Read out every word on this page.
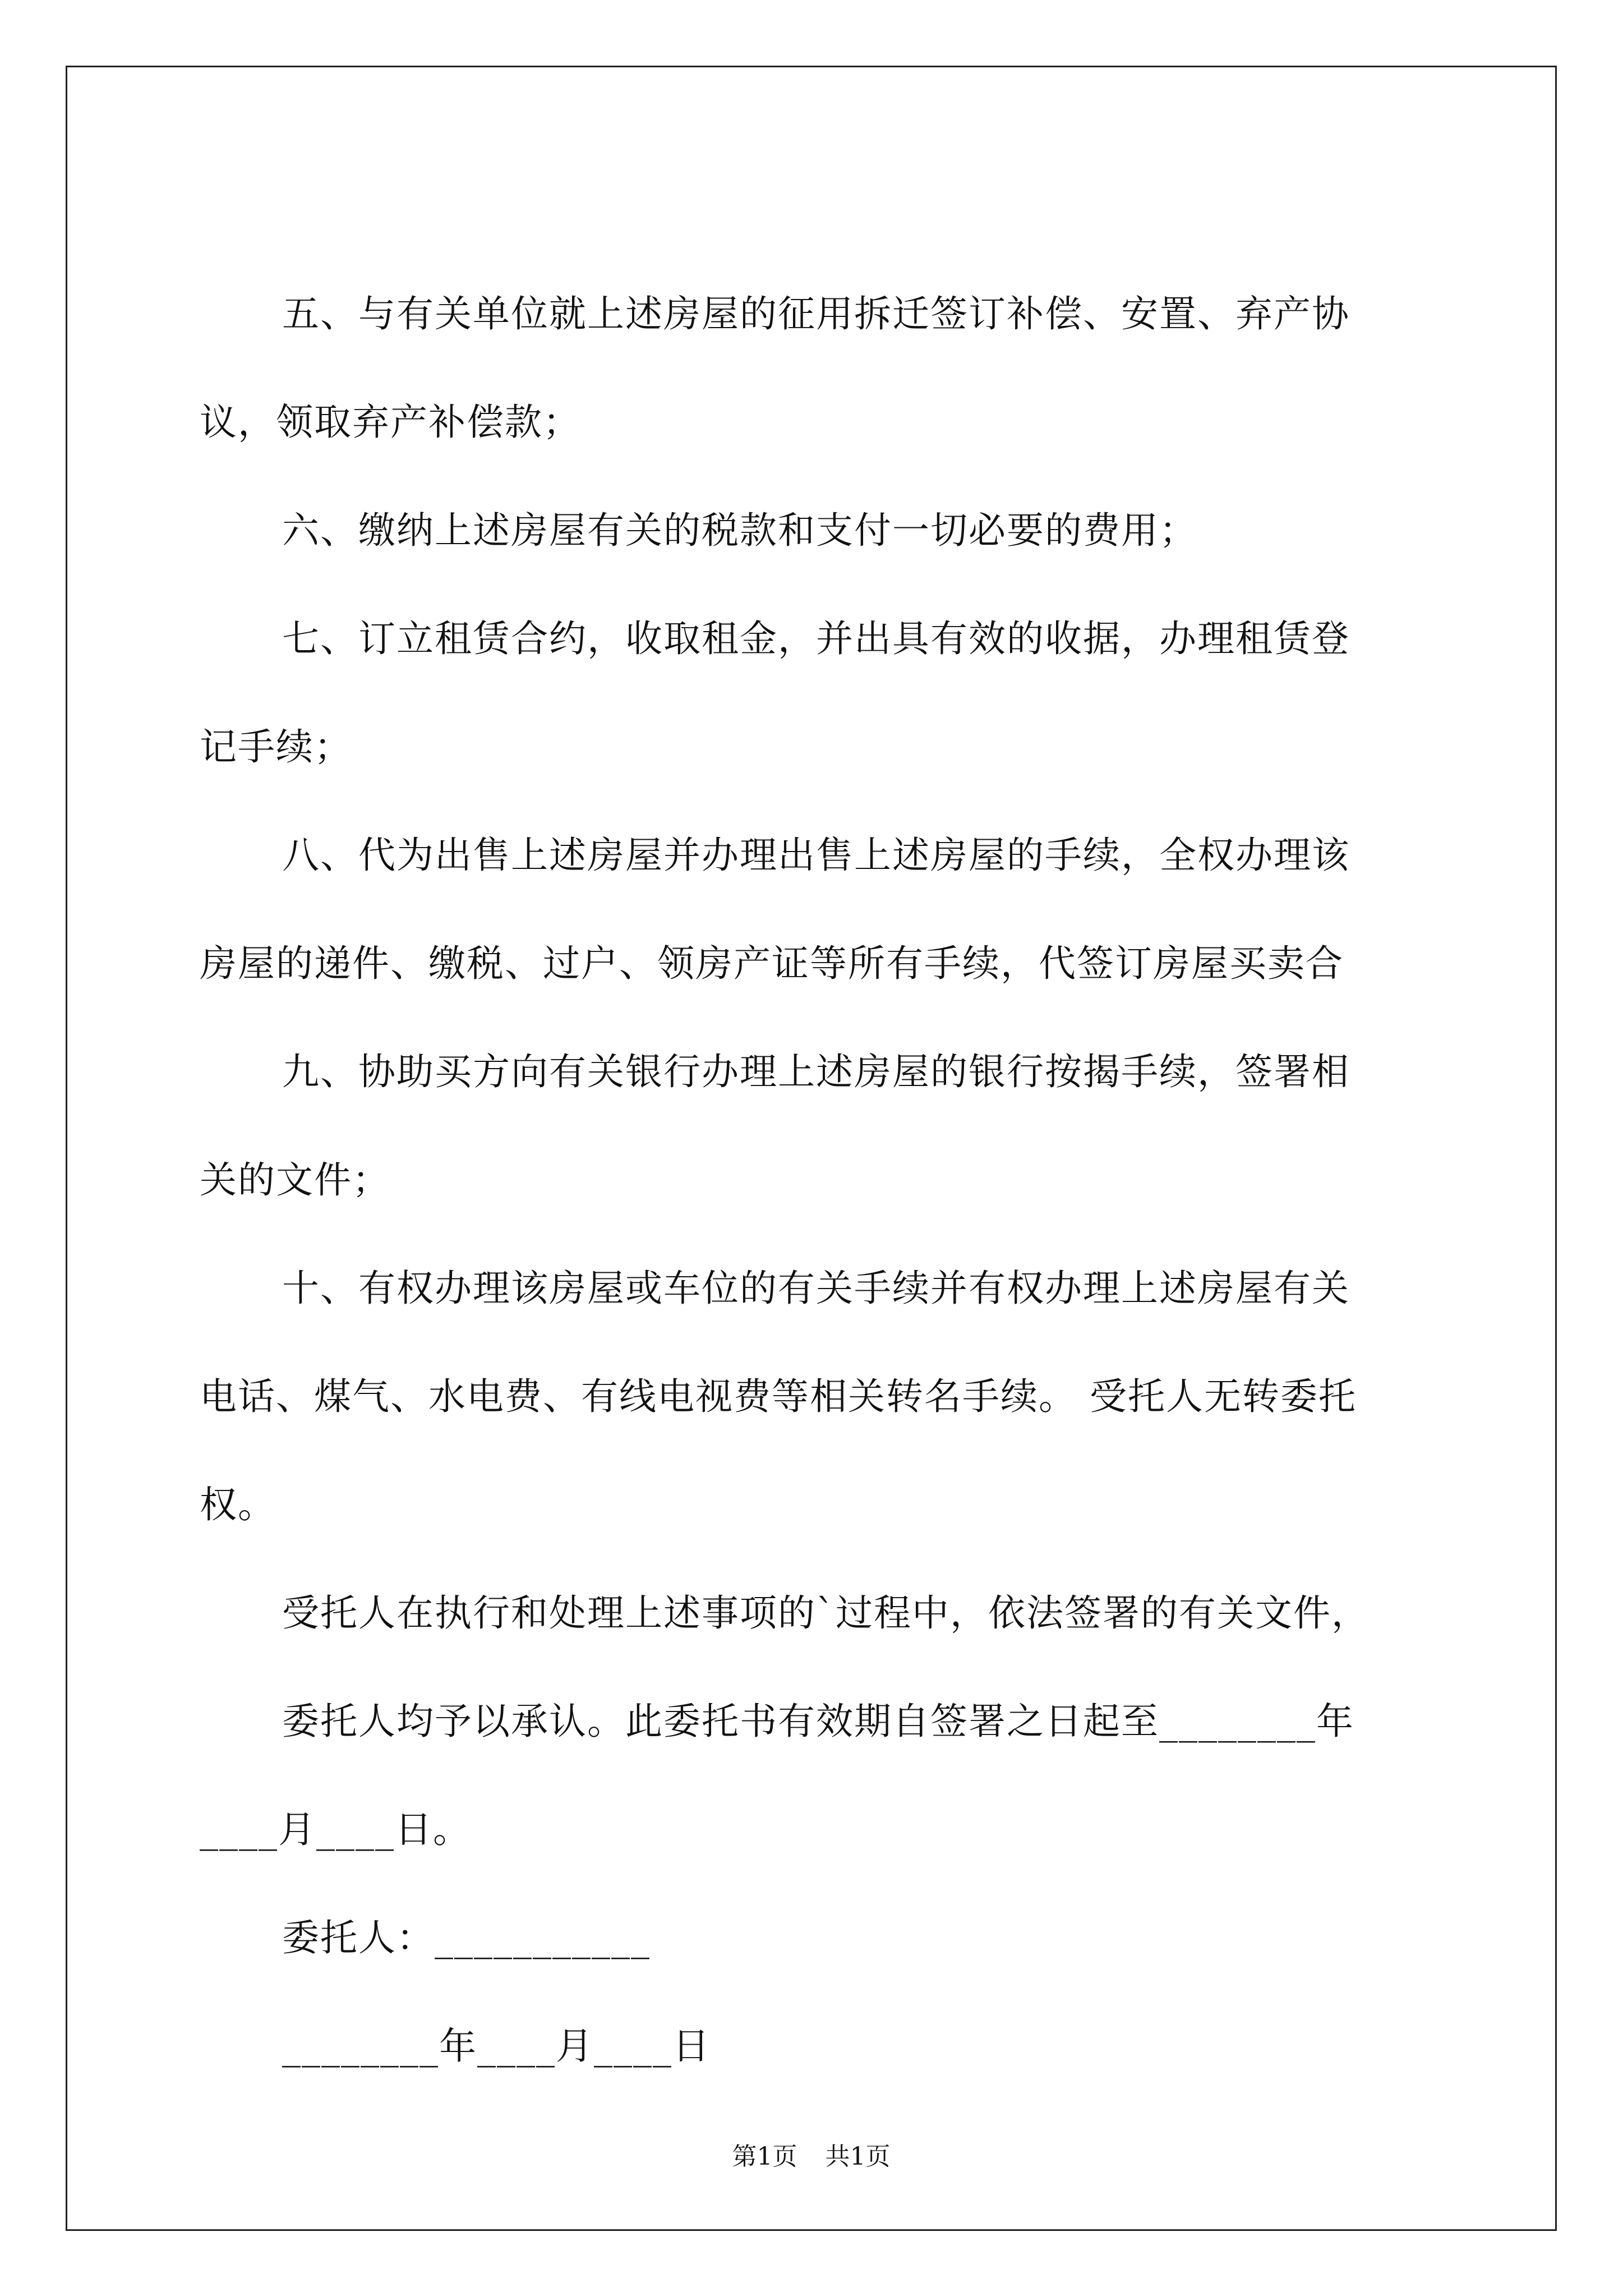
五、与有关单位就上述房屋的征用拆迁签订补偿、安置、弃产协
议，领取弃产补偿款；
六、缴纳上述房屋有关的税款和支付一切必要的费用；
七、订立租赁合约，收取租金，并出具有效的收据，办理租赁登
记手续；
八、代为出售上述房屋并办理出售上述房屋的手续，全权办理该
房屋的递件、缴税、过户、领房产证等所有手续，代签订房屋买卖合
九、协助买方向有关银行办理上述房屋的银行按揭手续，签署相
关的文件；
十、有权办理该房屋或车位的有关手续并有权办理上述房屋有关
电话、煤气、水电费、有线电视费等相关转名手续。 受托人无转委托
权。
受托人在执行和处理上述事项的`过程中，依法签署的有关文件，
委托人均予以承认。此委托书有效期自签署之日起至________年
____月____日。
委托人：___________
________年____月____日
第1页 共1页
